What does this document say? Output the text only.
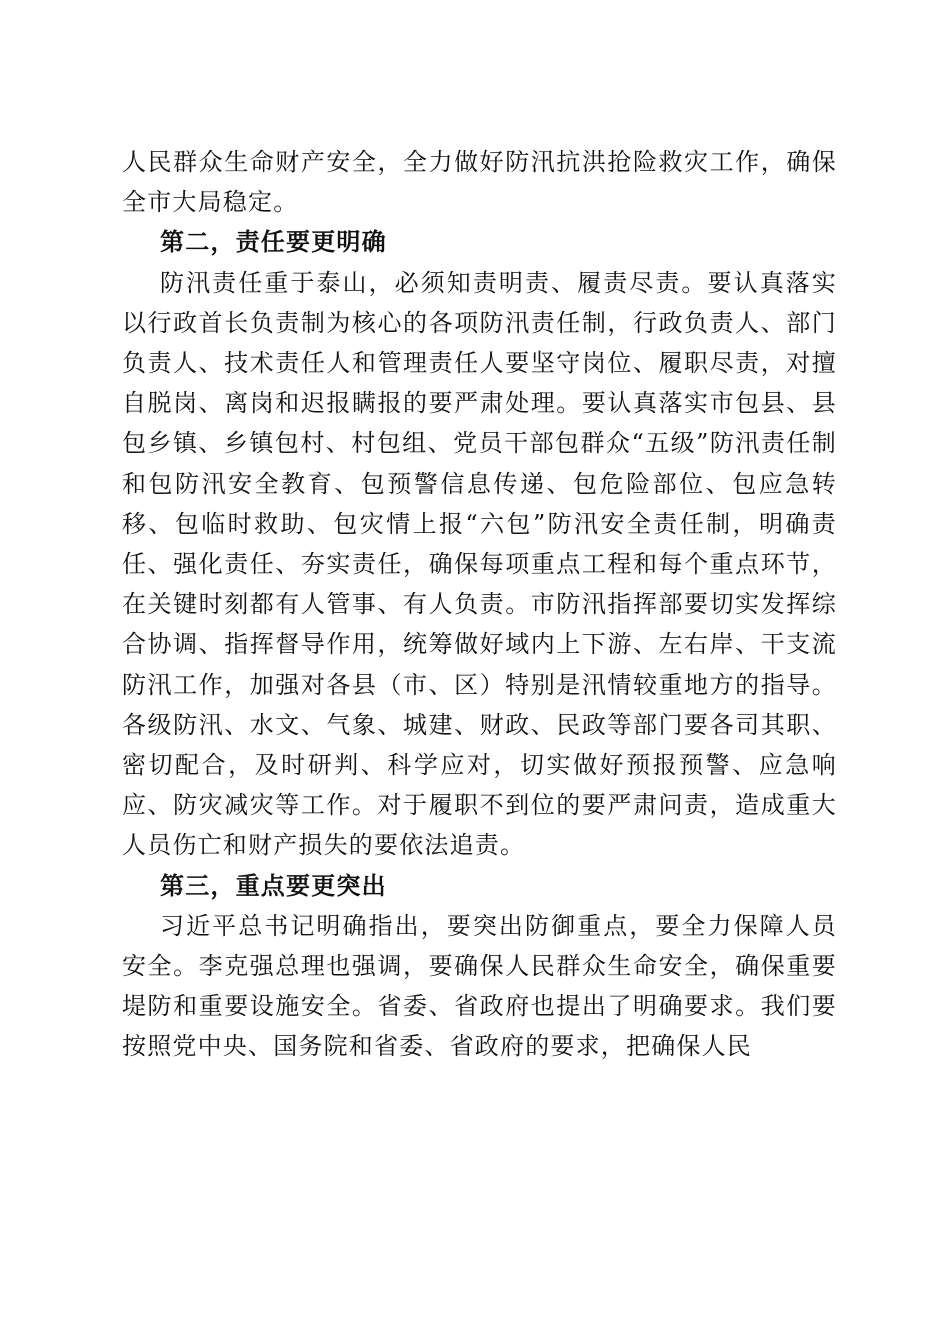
人民群众生命财产安全，全力做好防汛抗洪抢险救灾工作，确保全市大局稳定。

第二，责任要更明确

防汛责任重于泰山，必须知责明责、履责尽责。要认真落实以行政首长负责制为核心的各项防汛责任制，行政负责人、部门负责人、技术责任人和管理责任人要坚守岗位、履职尽责，对擅自脱岗、离岗和迟报瞒报的要严肃处理。要认真落实市包县、县包乡镇、乡镇包村、村包组、党员干部包群众“五级”防汛责任制和包防汛安全教育、包预警信息传递、包危险部位、包应急转移、包临时救助、包灾情上报“六包”防汛安全责任制，明确责任、强化责任、夯实责任，确保每项重点工程和每个重点环节，在关键时刻都有人管事、有人负责。市防汛指挥部要切实发挥综合协调、指挥督导作用，统筹做好域内上下游、左右岸、干支流防汛工作，加强对各县（市、区）特别是汛情较重地方的指导。各级防汛、水文、气象、城建、财政、民政等部门要各司其职、密切配合，及时研判、科学应对，切实做好预报预警、应急响应、防灾减灾等工作。对于履职不到位的要严肃问责，造成重大人员伤亡和财产损失的要依法追责。

第三，重点要更突出

习近平总书记明确指出，要突出防御重点，要全力保障人员安全。李克强总理也强调，要确保人民群众生命安全，确保重要堤防和重要设施安全。省委、省政府也提出了明确要求。我们要按照党中央、国务院和省委、省政府的要求，把确保人民
